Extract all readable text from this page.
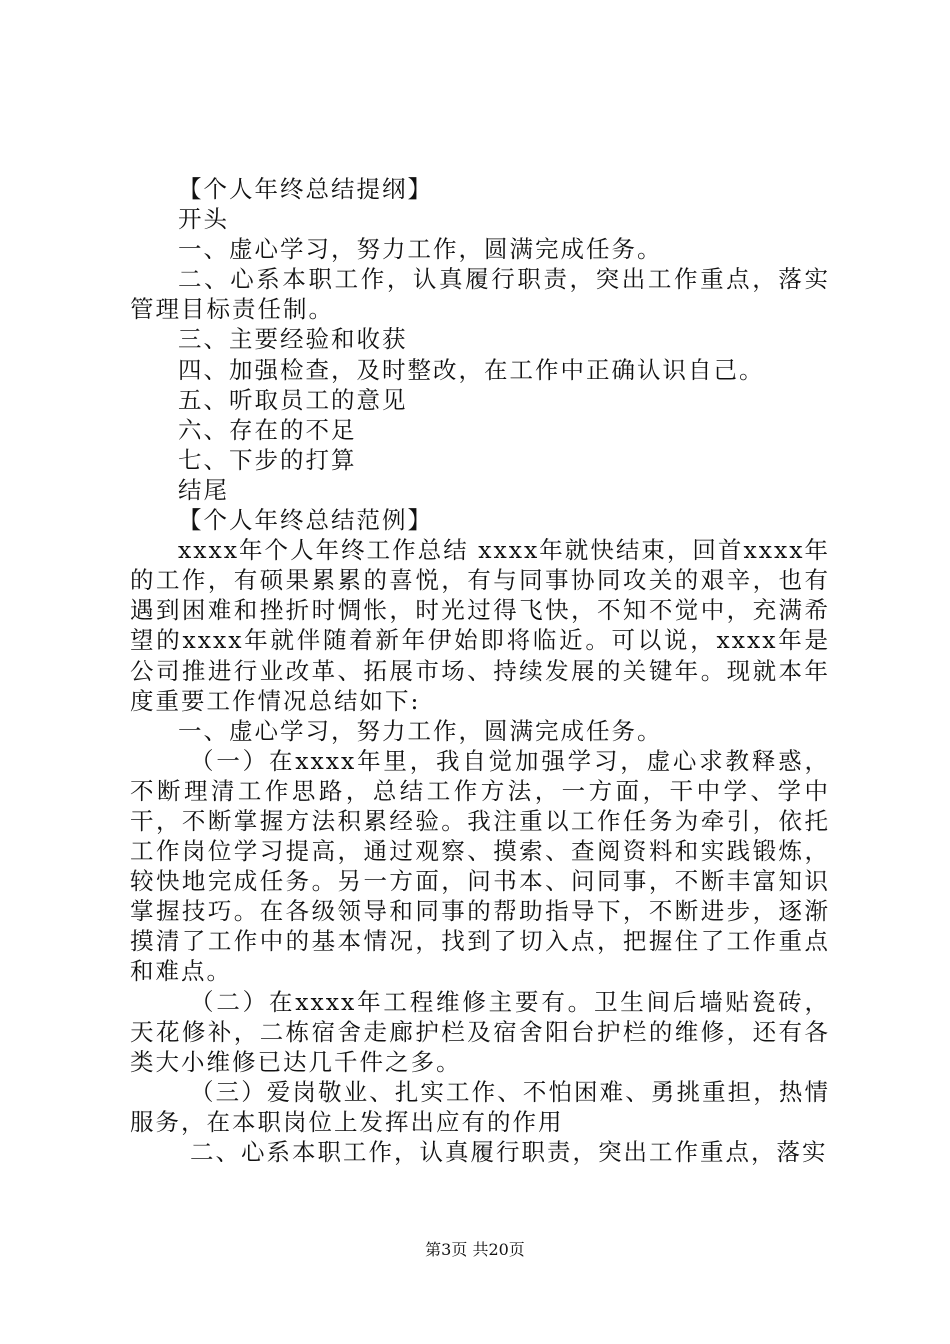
【个人年终总结提纲】

开头

一、虚心学习，努力工作，圆满完成任务。

二、心系本职工作，认真履行职责，突出工作重点，落实管理目标责任制。

三、主要经验和收获

四、加强检查，及时整改，在工作中正确认识自己。

五、听取员工的意见

六、存在的不足

七、下步的打算

结尾

【个人年终总结范例】

xxxx年个人年终工作总结 xxxx年就快结束，回首xxxx年的工作，有硕果累累的喜悦，有与同事协同攻关的艰辛，也有遇到困难和挫折时惆怅，时光过得飞快，不知不觉中，充满希望的xxxx年就伴随着新年伊始即将临近。可以说，xxxx年是公司推进行业改革、拓展市场、持续发展的关键年。现就本年度重要工作情况总结如下:

一、虚心学习，努力工作，圆满完成任务。

（一）在xxxx年里，我自觉加强学习，虚心求教释惑，不断理清工作思路，总结工作方法，一方面，干中学、学中干，不断掌握方法积累经验。我注重以工作任务为牵引，依托工作岗位学习提高，通过观察、摸索、查阅资料和实践锻炼，较快地完成任务。另一方面，问书本、问同事，不断丰富知识掌握技巧。在各级领导和同事的帮助指导下，不断进步，逐渐摸清了工作中的基本情况，找到了切入点，把握住了工作重点和难点。

（二）在xxxx年工程维修主要有。卫生间后墙贴瓷砖，天花修补，二栋宿舍走廊护栏及宿舍阳台护栏的维修，还有各类大小维修已达几千件之多。

（三）爱岗敬业、扎实工作、不怕困难、勇挑重担，热情服务，在本职岗位上发挥出应有的作用

二、心系本职工作，认真履行职责，突出工作重点，落实

第3页 共20页
